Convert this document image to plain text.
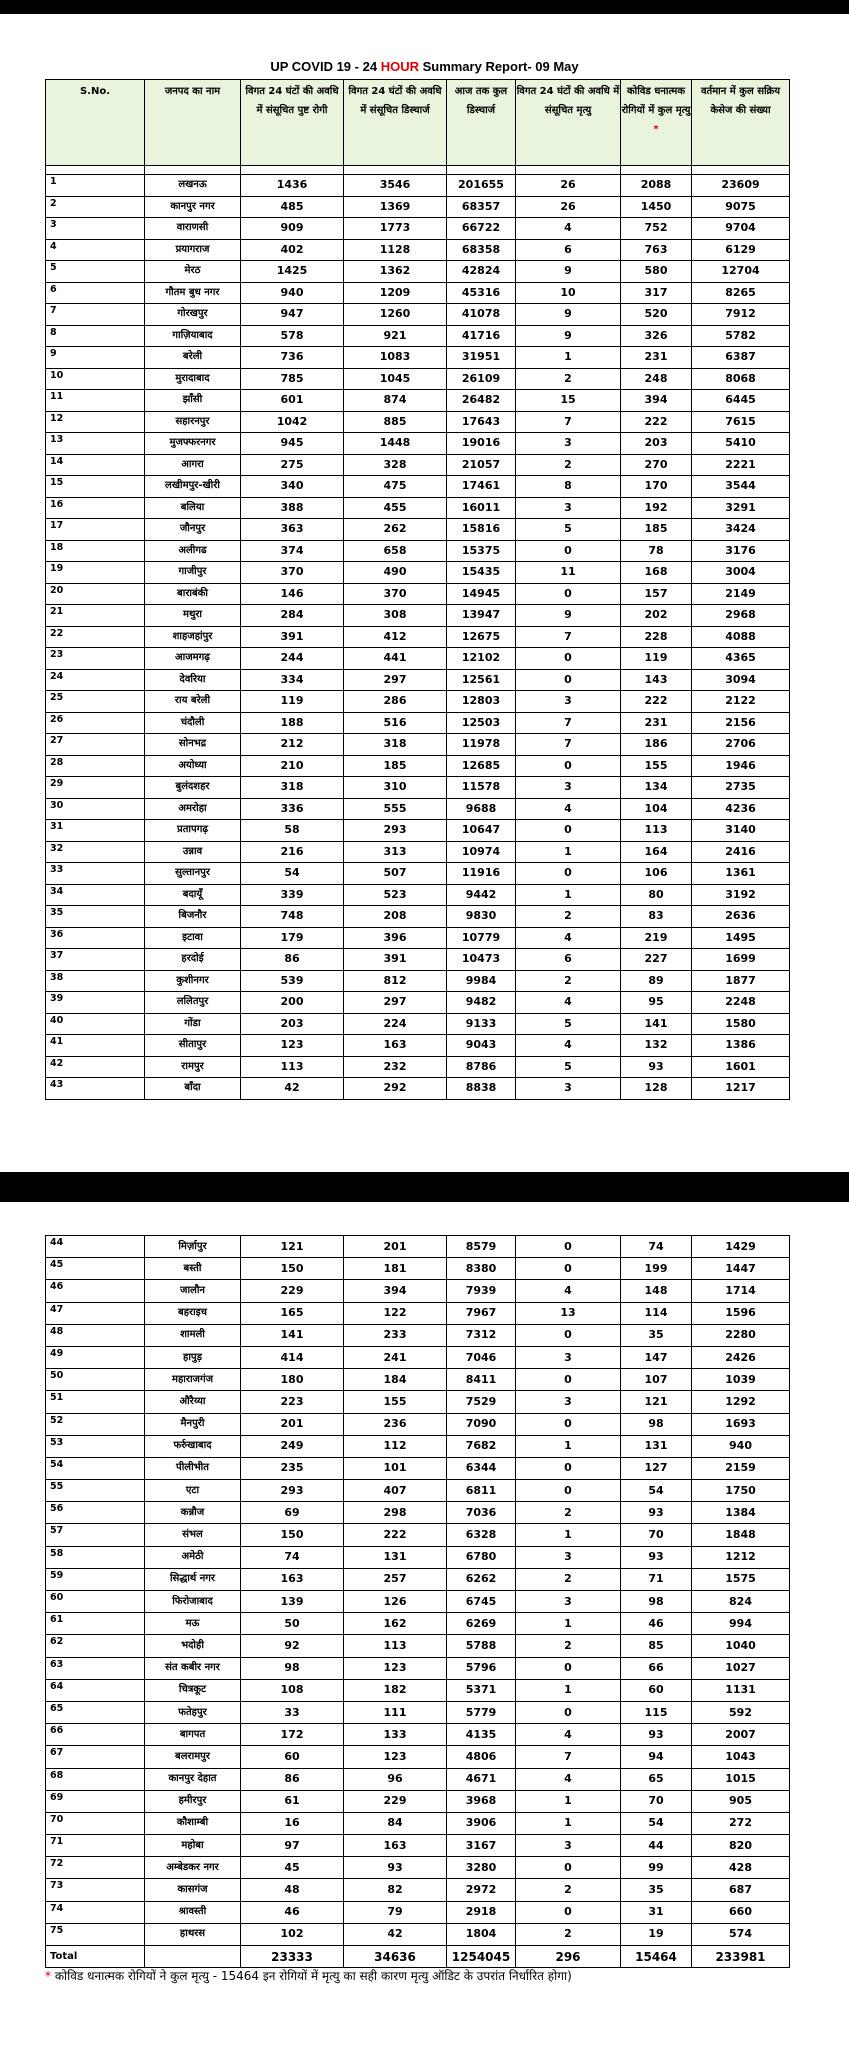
UP COVID 19 - 24 HOUR Summary Report- 09 May
S.No.	जनपद का नाम	विगत 24 घंटों की अवधि में संसूचित पुष्ट रोगी	विगत 24 घंटों की अवधि में संसूचित डिस्चार्ज	आज तक कुल डिस्चार्ज	विगत 24 घंटों की अवधि में संसूचित मृत्यु	कोविड धनात्मक रोगियों में कुल मृत्यु *	वर्तमान में कुल सक्रिय केसेज की संख्या

1	लखनऊ	1436	3546	201655	26	2088	23609
2	कानपुर नगर	485	1369	68357	26	1450	9075
3	वाराणसी	909	1773	66722	4	752	9704
4	प्रयागराज	402	1128	68358	6	763	6129
5	मेरठ	1425	1362	42824	9	580	12704
6	गौतम बुध नगर	940	1209	45316	10	317	8265
7	गोरखपुर	947	1260	41078	9	520	7912
8	गाज़ियाबाद	578	921	41716	9	326	5782
9	बरेली	736	1083	31951	1	231	6387
10	मुरादाबाद	785	1045	26109	2	248	8068
11	झाँसी	601	874	26482	15	394	6445
12	सहारनपुर	1042	885	17643	7	222	7615
13	मुजफ्फरनगर	945	1448	19016	3	203	5410
14	आगरा	275	328	21057	2	270	2221
15	लखीमपुर-खीरी	340	475	17461	8	170	3544
16	बलिया	388	455	16011	3	192	3291
17	जौनपुर	363	262	15816	5	185	3424
18	अलीगढ	374	658	15375	0	78	3176
19	गाजीपुर	370	490	15435	11	168	3004
20	बाराबंकी	146	370	14945	0	157	2149
21	मथुरा	284	308	13947	9	202	2968
22	शाहजहांपुर	391	412	12675	7	228	4088
23	आजमगढ़	244	441	12102	0	119	4365
24	देवरिया	334	297	12561	0	143	3094
25	राय बरेली	119	286	12803	3	222	2122
26	चंदौली	188	516	12503	7	231	2156
27	सोनभद्र	212	318	11978	7	186	2706
28	अयोध्या	210	185	12685	0	155	1946
29	बुलंदशहर	318	310	11578	3	134	2735
30	अमरोहा	336	555	9688	4	104	4236
31	प्रतापगढ़	58	293	10647	0	113	3140
32	उन्नाव	216	313	10974	1	164	2416
33	सुल्तानपुर	54	507	11916	0	106	1361
34	बदायूँ	339	523	9442	1	80	3192
35	बिजनौर	748	208	9830	2	83	2636
36	इटावा	179	396	10779	4	219	1495
37	हरदोई	86	391	10473	6	227	1699
38	कुशीनगर	539	812	9984	2	89	1877
39	ललितपुर	200	297	9482	4	95	2248
40	गोंडा	203	224	9133	5	141	1580
41	सीतापुर	123	163	9043	4	132	1386
42	रामपुर	113	232	8786	5	93	1601
43	बाँदा	42	292	8838	3	128	1217
44	मिर्ज़ापुर	121	201	8579	0	74	1429
45	बस्ती	150	181	8380	0	199	1447
46	जालौन	229	394	7939	4	148	1714
47	बहराइच	165	122	7967	13	114	1596
48	शामली	141	233	7312	0	35	2280
49	हापुड़	414	241	7046	3	147	2426
50	महाराजगंज	180	184	8411	0	107	1039
51	औरैय्या	223	155	7529	3	121	1292
52	मैनपुरी	201	236	7090	0	98	1693
53	फर्रुखाबाद	249	112	7682	1	131	940
54	पीलीभीत	235	101	6344	0	127	2159
55	एटा	293	407	6811	0	54	1750
56	कन्नौज	69	298	7036	2	93	1384
57	संभल	150	222	6328	1	70	1848
58	अमेठी	74	131	6780	3	93	1212
59	सिद्धार्थ नगर	163	257	6262	2	71	1575
60	फिरोजाबाद	139	126	6745	3	98	824
61	मऊ	50	162	6269	1	46	994
62	भदोही	92	113	5788	2	85	1040
63	संत कबीर नगर	98	123	5796	0	66	1027
64	चित्रकूट	108	182	5371	1	60	1131
65	फतेहपुर	33	111	5779	0	115	592
66	बागपत	172	133	4135	4	93	2007
67	बलरामपुर	60	123	4806	7	94	1043
68	कानपुर देहात	86	96	4671	4	65	1015
69	हमीरपुर	61	229	3968	1	70	905
70	कौशाम्बी	16	84	3906	1	54	272
71	महोबा	97	163	3167	3	44	820
72	अम्बेडकर नगर	45	93	3280	0	99	428
73	कासगंज	48	82	2972	2	35	687
74	श्रावस्ती	46	79	2918	0	31	660
75	हाथरस	102	42	1804	2	19	574
Total		23333	34636	1254045	296	15464	233981
* कोविड धनात्मक रोगियों ने कुल मृत्यु - 15464 इन रोगियों में मृत्यु का सही कारण मृत्यु ऑडिट के उपरांत निर्धारित होगा)
